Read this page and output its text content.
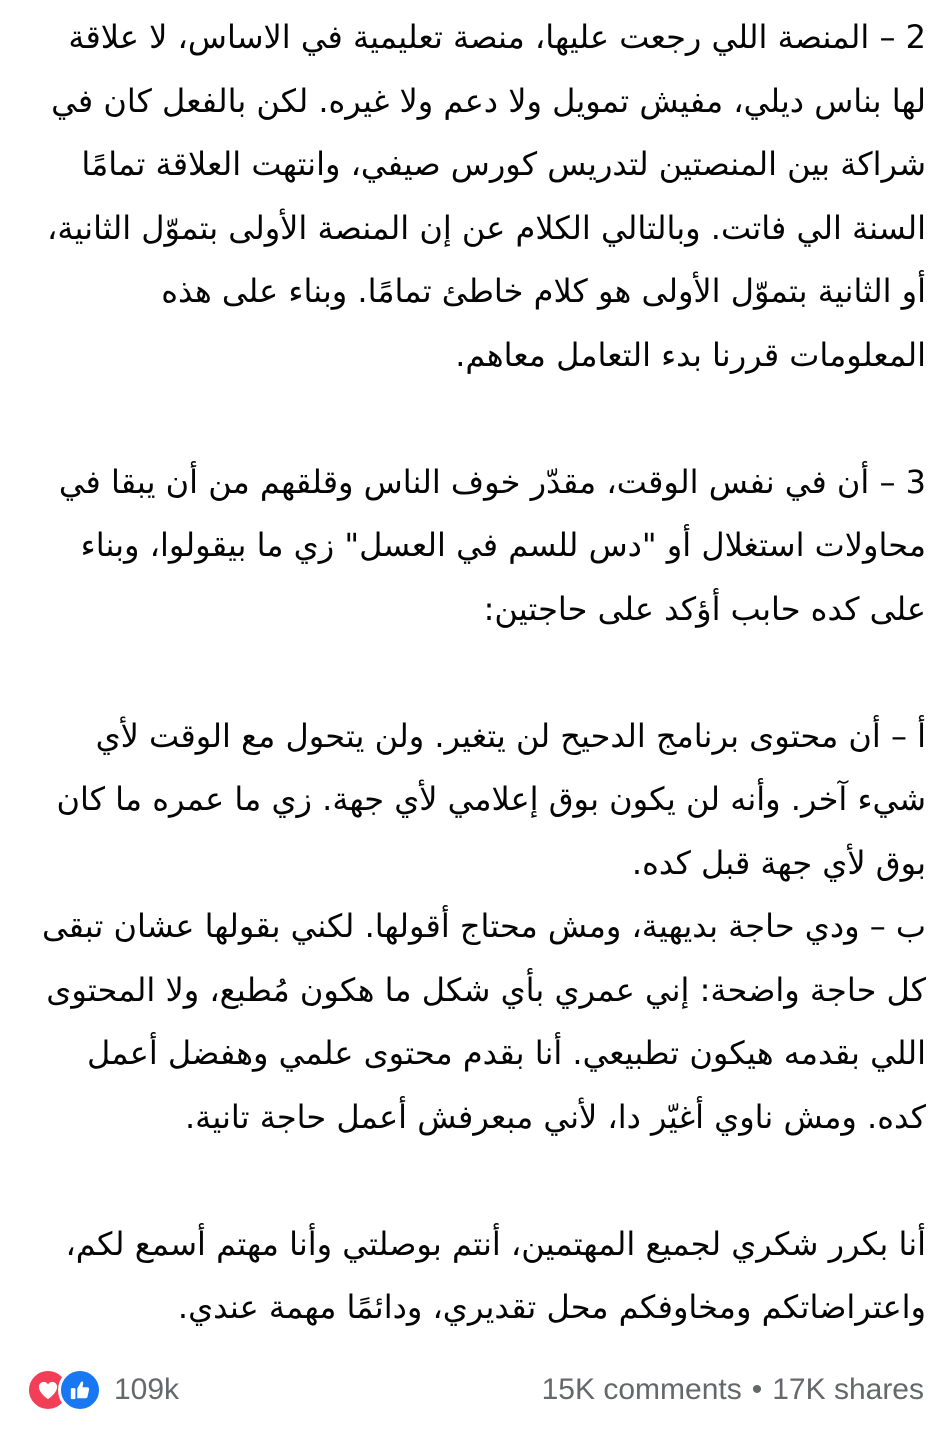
2 – المنصة اللي رجعت عليها، منصة تعليمية في الاساس، لا علاقة لها بناس ديلي، مفيش تمويل ولا دعم ولا غيره. لكن بالفعل كان في شراكة بين المنصتين لتدريس كورس صيفي، وانتهت العلاقة تمامًا السنة الي فاتت. وبالتالي الكلام عن إن المنصة الأولى بتموّل الثانية، أو الثانية بتموّل الأولى هو كلام خاطئ تمامًا. وبناء على هذه المعلومات قررنا بدء التعامل معاهم.

3 – أن في نفس الوقت، مقدّر خوف الناس وقلقهم من أن يبقا في محاولات استغلال أو "دس للسم في العسل" زي ما بيقولوا، وبناء على كده حابب أؤكد على حاجتين:

أ – أن محتوى برنامج الدحيح لن يتغير. ولن يتحول مع الوقت لأي شيء آخر. وأنه لن يكون بوق إعلامي لأي جهة. زي ما عمره ما كان بوق لأي جهة قبل كده.
ب – ودي حاجة بديهية، ومش محتاج أقولها. لكني بقولها عشان تبقى كل حاجة واضحة: إني عمري بأي شكل ما هكون مُطبع، ولا المحتوى اللي بقدمه هيكون تطبيعي. أنا بقدم محتوى علمي وهفضل أعمل كده. ومش ناوي أغيّر دا، لأني مبعرفش أعمل حاجة تانية.

أنا بكرر شكري لجميع المهتمين، أنتم بوصلتي وأنا مهتم أسمع لكم، واعتراضاتكم ومخاوفكم محل تقديري، ودائمًا مهمة عندي.

109k	15K comments • 17K shares
